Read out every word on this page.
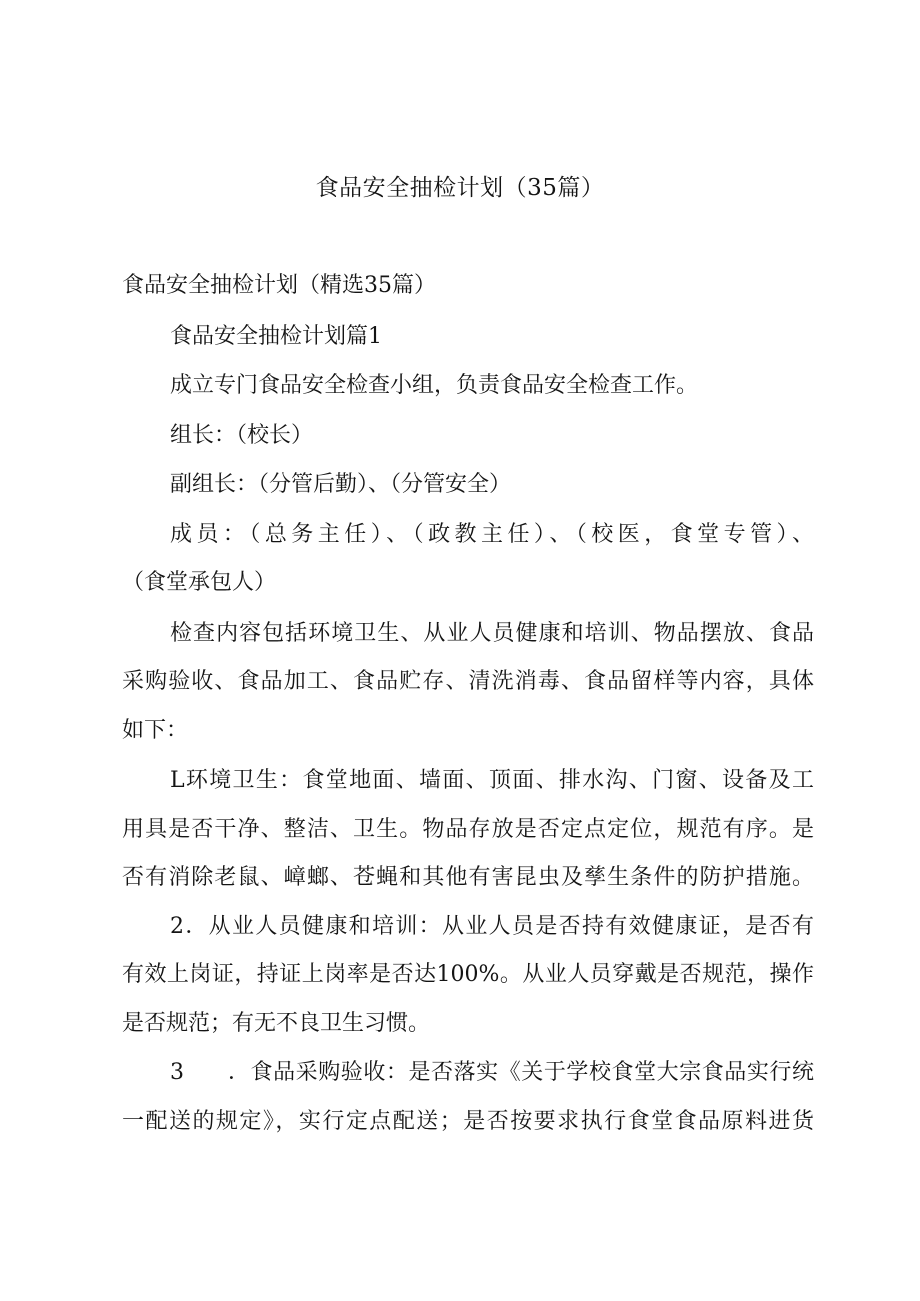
食品安全抽检计划（35篇）
食品安全抽检计划（精选35篇）
食品安全抽检计划篇1
成立专门食品安全检查小组，负责食品安全检查工作。
组长：（校长）
副组长：（分管后勤）、（分管安全）
成员：（总务主任）、（政教主任）、（校医，食堂专管）、
（食堂承包人）
检查内容包括环境卫生、从业人员健康和培训、物品摆放、食品
采购验收、食品加工、食品贮存、清洗消毒、食品留样等内容，具体
如下：
L环境卫生：食堂地面、墙面、顶面、排水沟、门窗、设备及工
用具是否干净、整洁、卫生。物品存放是否定点定位，规范有序。是
否有消除老鼠、嶂螂、苍蝇和其他有害昆虫及孳生条件的防护措施。
2．从业人员健康和培训：从业人员是否持有效健康证，是否有
有效上岗证，持证上岗率是否达100%。从业人员穿戴是否规范，操作
是否规范；有无不良卫生习惯。
3 ．食品采购验收：是否落实《关于学校食堂大宗食品实行统
一配送的规定》，实行定点配送；是否按要求执行食堂食品原料进货
